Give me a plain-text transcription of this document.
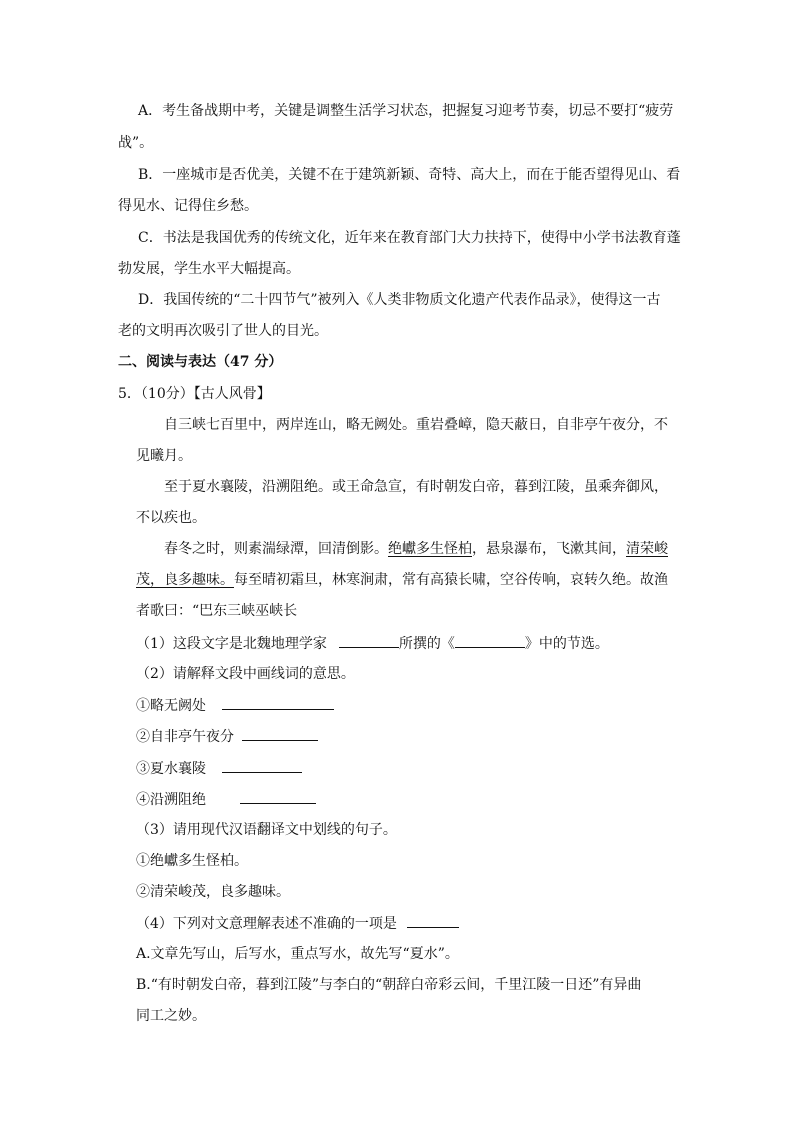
A．考生备战期中考，关键是调整生活学习状态，把握复习迎考节奏，切忌不要打“疲劳
战”。
B．一座城市是否优美，关键不在于建筑新颖、奇特、高大上，而在于能否望得见山、看
得见水、记得住乡愁。
C．书法是我国优秀的传统文化，近年来在教育部门大力扶持下，使得中小学书法教育蓬
勃发展，学生水平大幅提高。
D．我国传统的“二十四节气”被列入《人类非物质文化遗产代表作品录》，使得这一古
老的文明再次吸引了世人的目光。
二、阅读与表达（47 分）
5．（10分）【古人风骨】
自三峡七百里中，两岸连山，略无阙处。重岩叠嶂，隐天蔽日，自非亭午夜分，不
见曦月。
至于夏水襄陵，沿溯阻绝。或王命急宣，有时朝发白帝，暮到江陵，虽乘奔御风，
不以疾也。
春冬之时，则素湍绿潭，回清倒影。绝巘多生怪柏，悬泉瀑布，飞漱其间，清荣峻
茂，良多趣味。每至晴初霜旦，林寒涧肃，常有高猿长啸，空谷传响，哀转久绝。故渔
者歌曰：“巴东三峡巫峡长
（1）这段文字是北魏地理学家	所撰的《	》中的节选。
（2）请解释文段中画线词的意思。
①略无阙处
②自非亭午夜分
③夏水襄陵
④沿溯阻绝
（3）请用现代汉语翻译文中划线的句子。
①绝巘多生怪柏。
②清荣峻茂，良多趣味。
（4）下列对文意理解表述不准确的一项是
A.文章先写山，后写水，重点写水，故先写“夏水”。
B.“有时朝发白帝，暮到江陵”与李白的“朝辞白帝彩云间，千里江陵一日还”有异曲
同工之妙。
